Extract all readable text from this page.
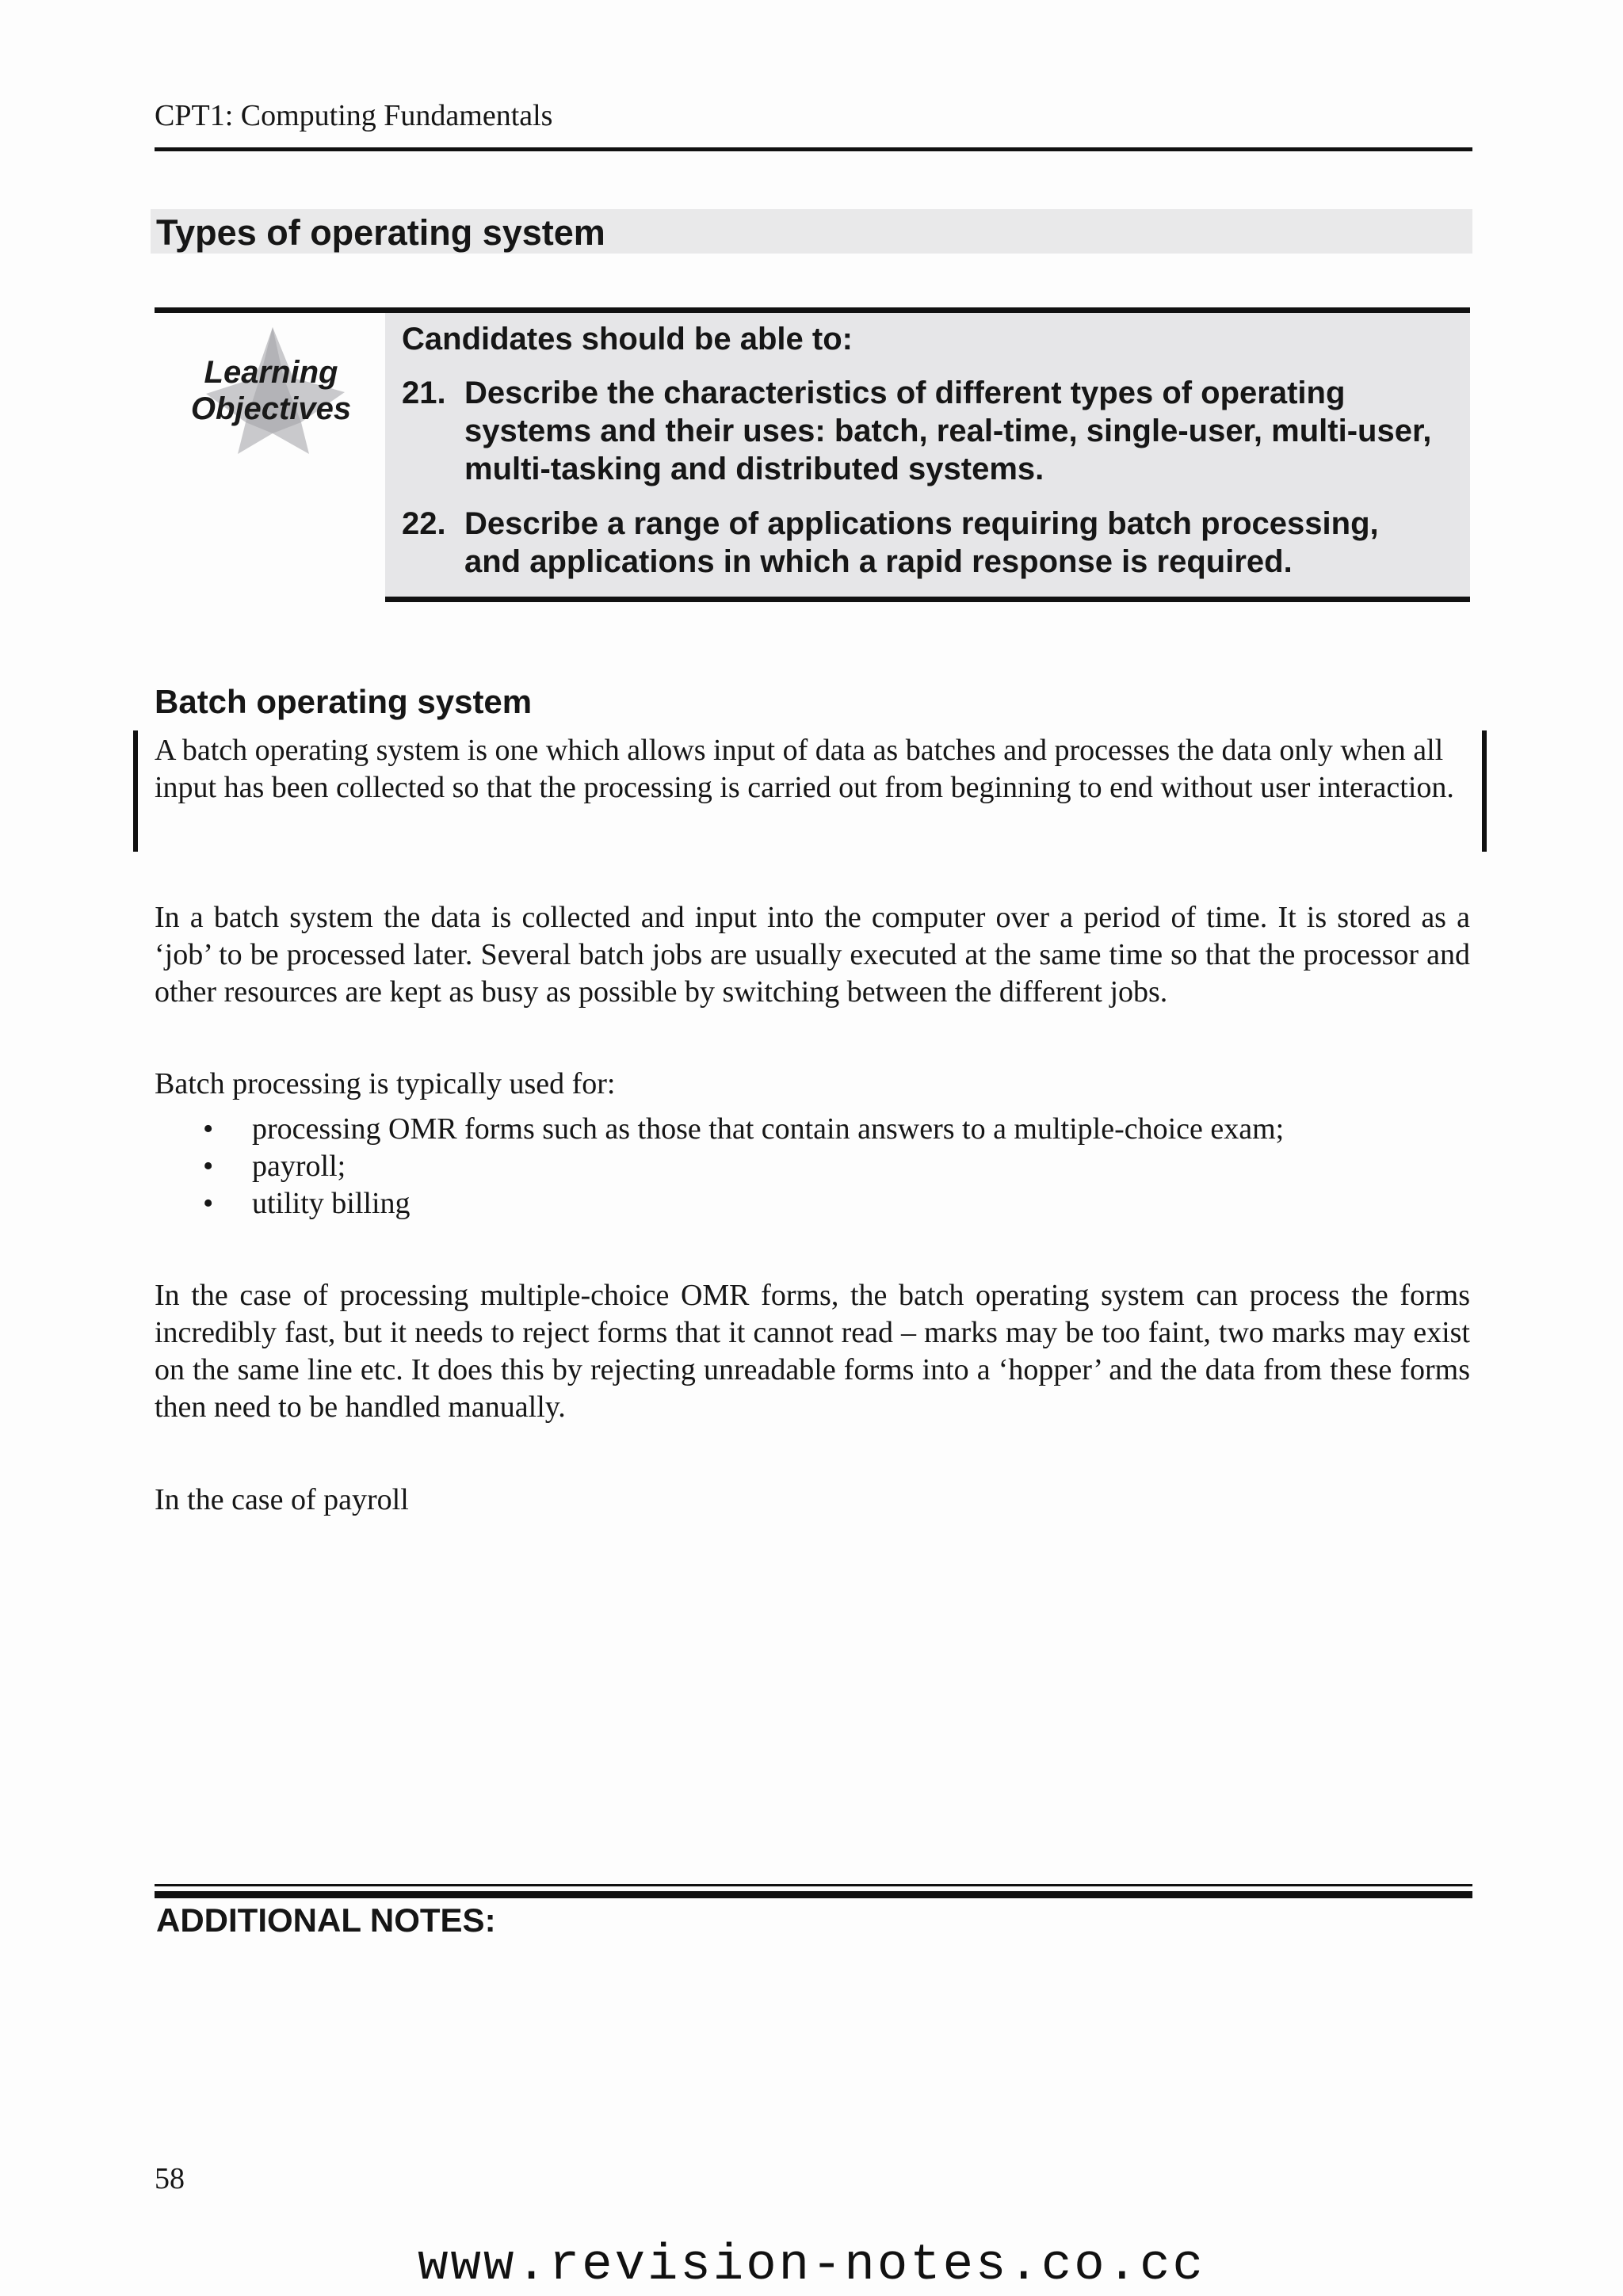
CPT1: Computing Fundamentals
Types of operating system
Learning
Objectives
Candidates should be able to:
21. Describe the characteristics of different types of operating systems and their uses: batch, real-time, single-user, multi-user, multi-tasking and distributed systems.
22. Describe a range of applications requiring batch processing, and applications in which a rapid response is required.
Batch operating system
A batch operating system is one which allows input of data as batches and processes the data only when all input has been collected so that the processing is carried out from beginning to end without user interaction.
In a batch system the data is collected and input into the computer over a period of time. It is stored as a ‘job’ to be processed later. Several batch jobs are usually executed at the same time so that the processor and other resources are kept as busy as possible by switching between the different jobs.
Batch processing is typically used for:
• processing OMR forms such as those that contain answers to a multiple-choice exam;
• payroll;
• utility billing
In the case of processing multiple-choice OMR forms, the batch operating system can process the forms incredibly fast, but it needs to reject forms that it cannot read – marks may be too faint, two marks may exist on the same line etc. It does this by rejecting unreadable forms into a ‘hopper’ and the data from these forms then need to be handled manually.
In the case of payroll
ADDITIONAL NOTES:
58
www.revision-notes.co.cc
